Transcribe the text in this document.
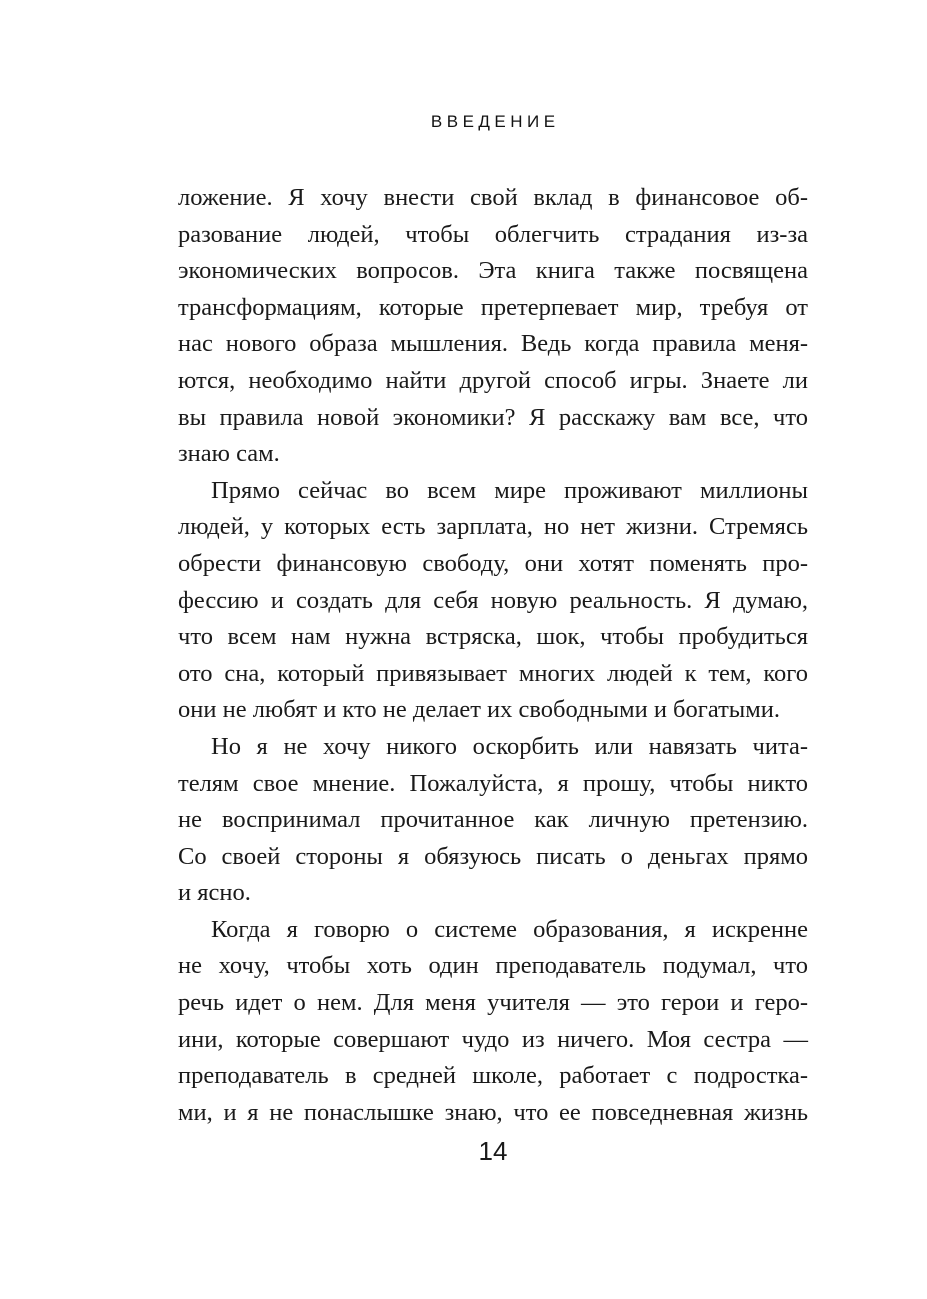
ВВЕДЕНИЕ
ложение. Я хочу внести свой вклад в финансовое об-
разование людей, чтобы облегчить страдания из-за
экономических вопросов. Эта книга также посвящена
трансформациям, которые претерпевает мир, требуя от
нас нового образа мышления. Ведь когда правила меня-
ются, необходимо найти другой способ игры. Знаете ли
вы правила новой экономики? Я расскажу вам все, что
знаю сам.
Прямо сейчас во всем мире проживают миллионы
людей, у которых есть зарплата, но нет жизни. Стремясь
обрести финансовую свободу, они хотят поменять про-
фессию и создать для себя новую реальность. Я думаю,
что всем нам нужна встряска, шок, чтобы пробудиться
ото сна, который привязывает многих людей к тем, кого
они не любят и кто не делает их свободными и богатыми.
Но я не хочу никого оскорбить или навязать чита-
телям свое мнение. Пожалуйста, я прошу, чтобы никто
не воспринимал прочитанное как личную претензию.
Со своей стороны я обязуюсь писать о деньгах прямо
и ясно.
Когда я говорю о системе образования, я искренне
не хочу, чтобы хоть один преподаватель подумал, что
речь идет о нем. Для меня учителя — это герои и геро-
ини, которые совершают чудо из ничего. Моя сестра —
преподаватель в средней школе, работает с подростка-
ми, и я не понаслышке знаю, что ее повседневная жизнь
14
